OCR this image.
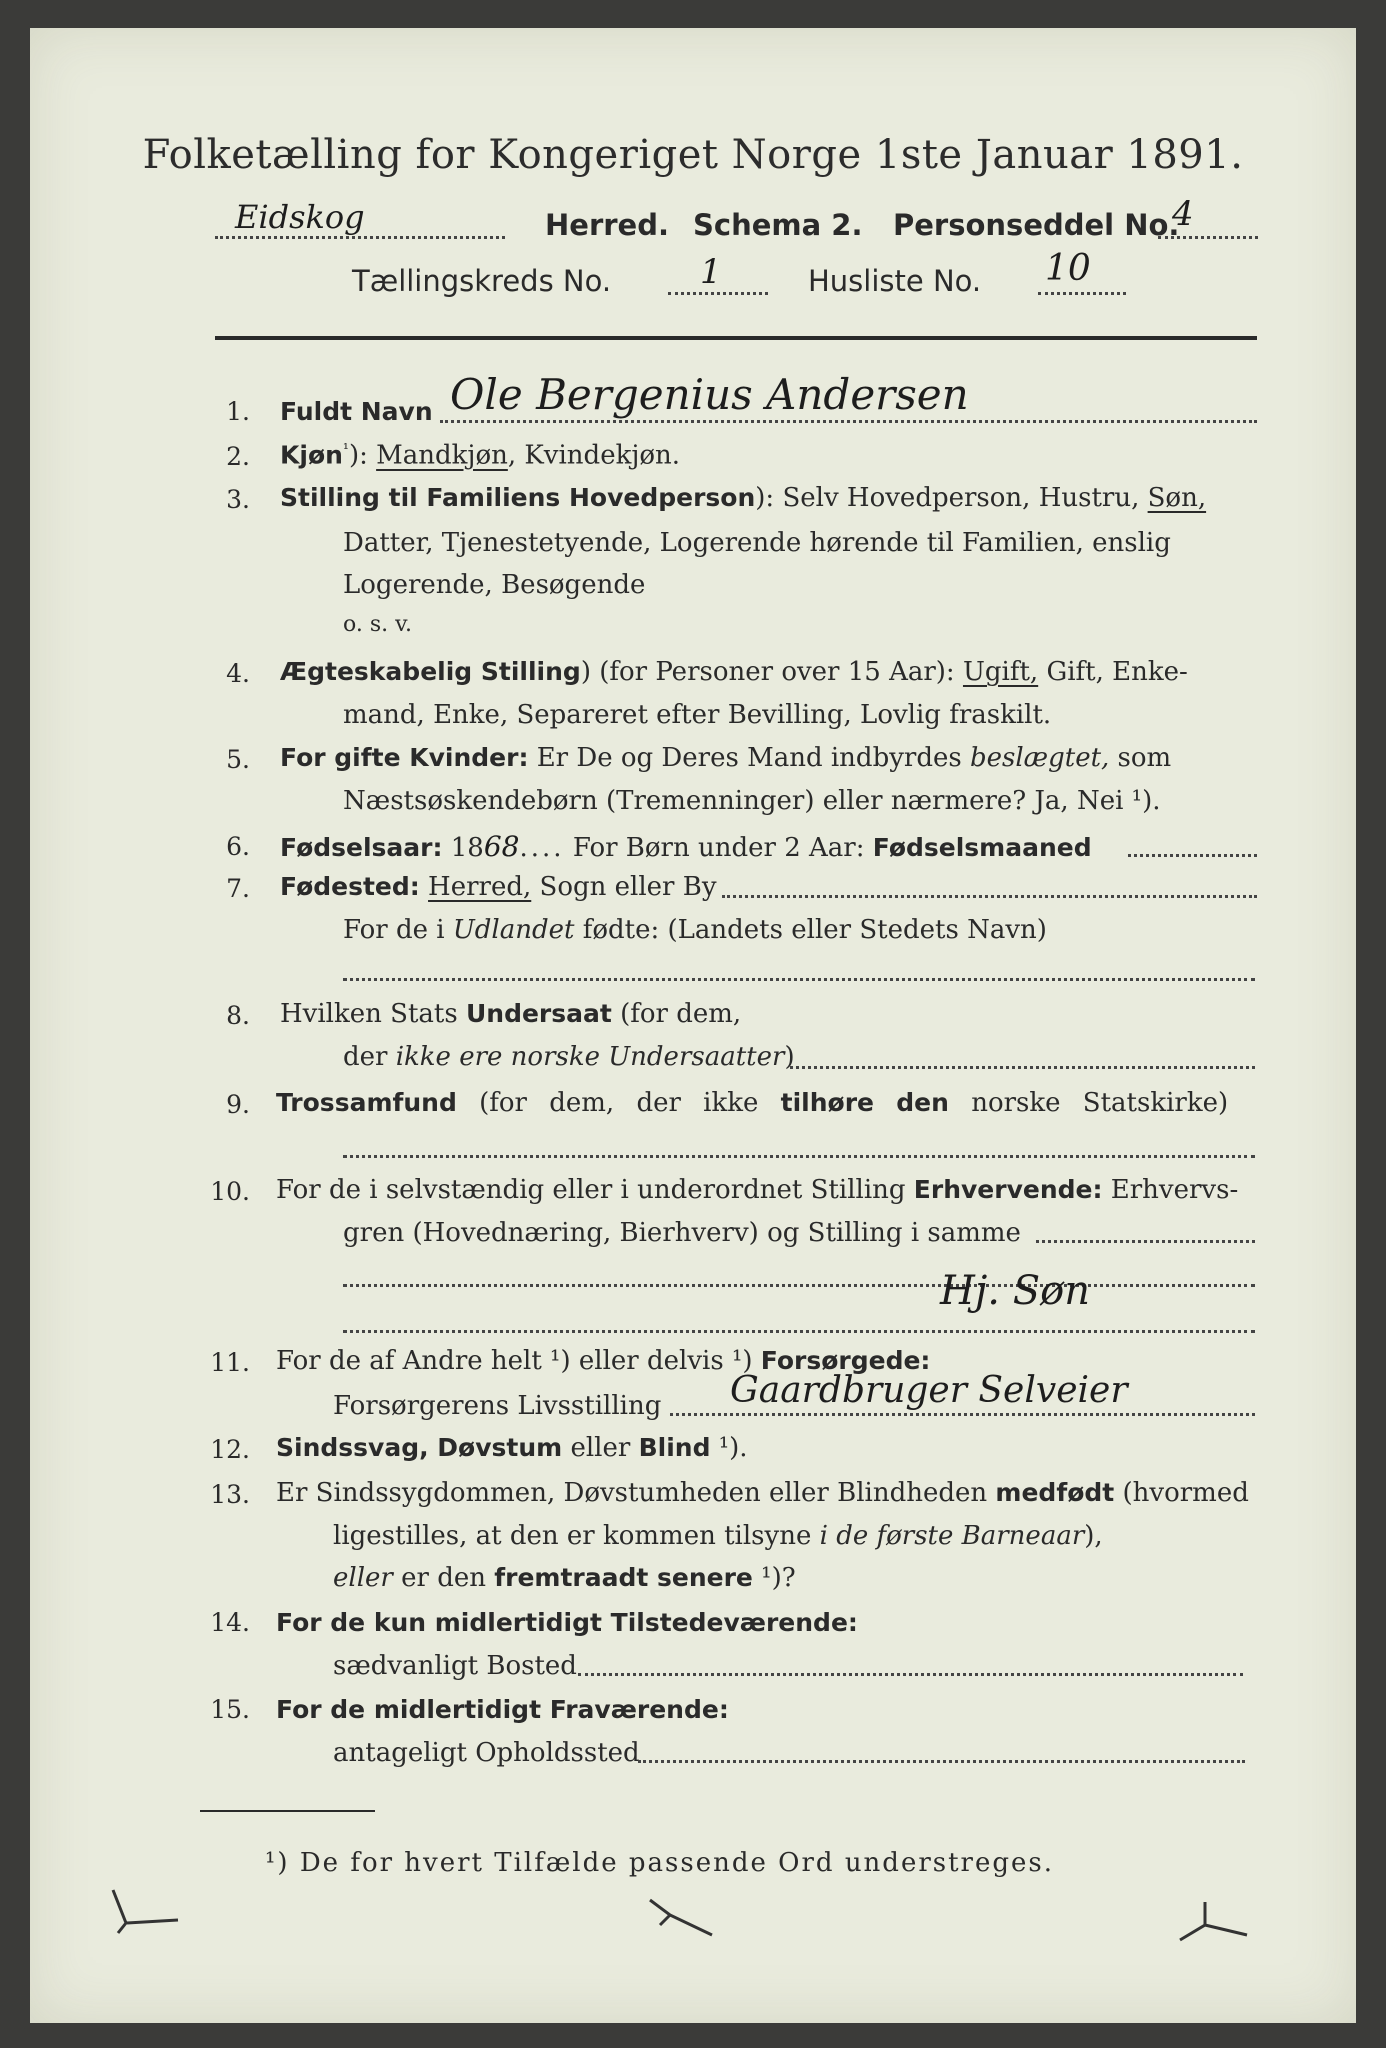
Folketælling for Kongeriget Norge 1ste Januar 1891.
Eidskog	Herred. Schema 2. Personseddel No.
4
Tællingskreds No.	1	Husliste No. 10
1. Fuldt Navn Ole Bergenius Andersen
2. Kjøn$^{^1}$): Mandkjøn, Kvindekjøn.
3. Stilling til Familiens Hovedperson): Selv Hovedperson, Hustru, Søn,
Datter, Tjenestetyende, Logerende hørende til Familien, enslig
Logerende, Besøgende
o. s. v.
4. Ægteskabelig Stilling) (for Personer over 15 Aar): Ugift, Gift, Enke-
mand, Enke, Separeret efter Bevilling, Lovlig fraskilt.
5. For gifte Kvinder: Er De og Deres Mand indbyrdes beslægtet, som
Næstsøskendebørn (Tremenninger) eller nærmere? Ja, Nei ¹).
6. Fødselsaar: 1868.... For Børn under 2 Aar: Fødselsmaaned
7. Fødested: Herred, Sogn eller By
For de i Udlandet fødte: (Landets eller Stedets Navn)
8. Hvilken Stats Undersaat (for dem,
der ikke ere norske Undersaatter)
9. Trossamfund (for dem, der ikke tilhøre den norske Statskirke)
10. For de i selvstændig eller i underordnet Stilling Erhvervende: Erhvervs-
gren (Hovednæring, Bierhverv) og Stilling i samme
Hj. Søn
11. For de af Andre helt ¹) eller delvis ¹) Forsørgede:
Forsørgerens Livsstilling Gaardbruger Selveier
12. Sindssvag, Døvstum eller Blind ¹).
13. Er Sindssygdommen, Døvstumheden eller Blindheden medfødt (hvormed
ligestilles, at den er kommen tilsyne i de første Barneaar),
eller er den fremtraadt senere ¹)?
14. For de kun midlertidigt Tilstedeværende:
sædvanligt Bosted
15. For de midlertidigt Fraværende:
antageligt Opholdssted
¹) De for hvert Tilfælde passende Ord understreges.
